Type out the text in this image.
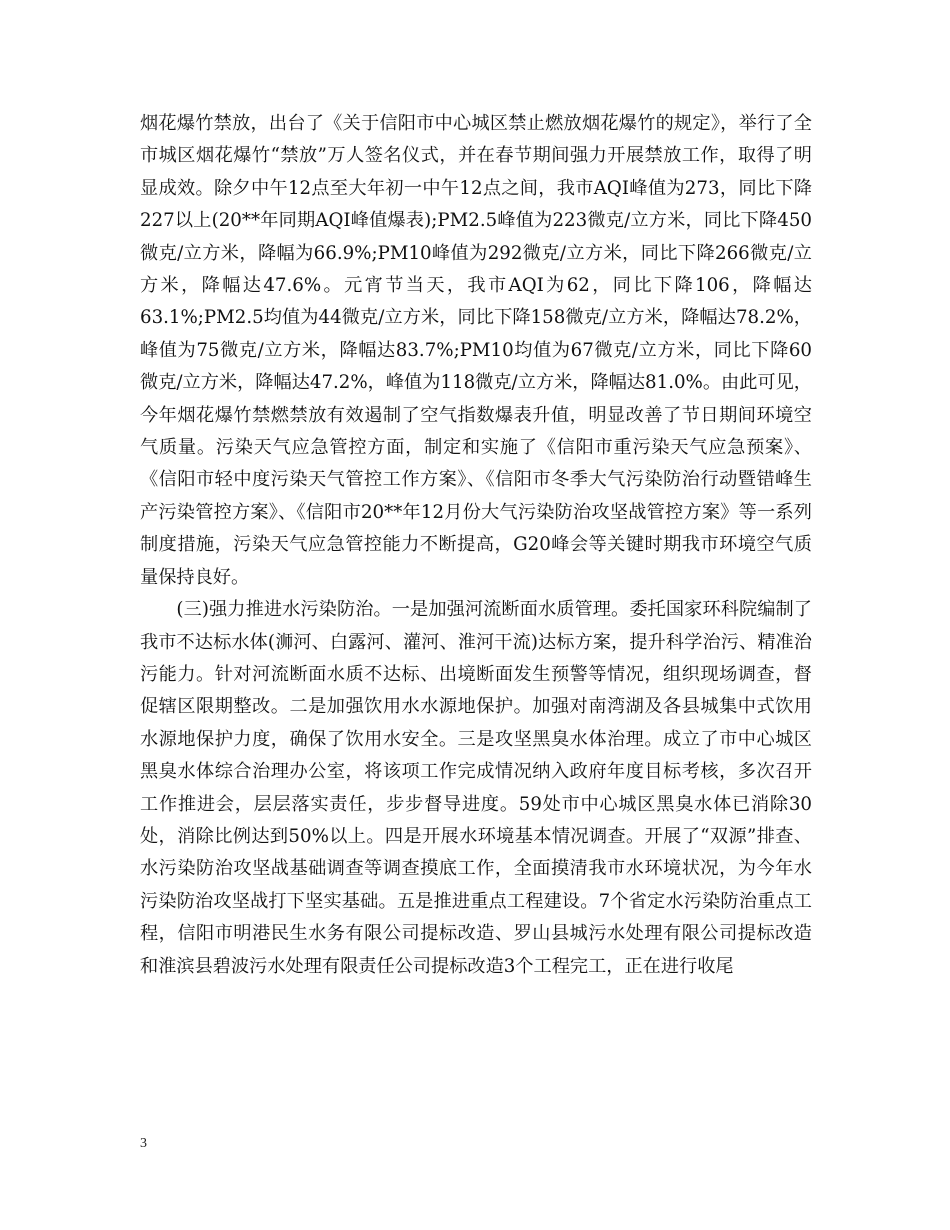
烟花爆竹禁放，出台了《关于信阳市中心城区禁止燃放烟花爆竹的规定》，举行了全市城区烟花爆竹“禁放”万人签名仪式，并在春节期间强力开展禁放工作，取得了明显成效。除夕中午12点至大年初一中午12点之间，我市AQI峰值为273，同比下降227以上(20**年同期AQI峰值爆表);PM2.5峰值为223微克/立方米，同比下降450微克/立方米，降幅为66.9%;PM10峰值为292微克/立方米，同比下降266微克/立方米，降幅达47.6%。元宵节当天，我市AQI为62，同比下降106，降幅达63.1%;PM2.5均值为44微克/立方米，同比下降158微克/立方米，降幅达78.2%，峰值为75微克/立方米，降幅达83.7%;PM10均值为67微克/立方米，同比下降60微克/立方米，降幅达47.2%，峰值为118微克/立方米，降幅达81.0%。由此可见，今年烟花爆竹禁燃禁放有效遏制了空气指数爆表升值，明显改善了节日期间环境空气质量。污染天气应急管控方面，制定和实施了《信阳市重污染天气应急预案》、《信阳市轻中度污染天气管控工作方案》、《信阳市冬季大气污染防治行动暨错峰生产污染管控方案》、《信阳市20**年12月份大气污染防治攻坚战管控方案》等一系列制度措施，污染天气应急管控能力不断提高，G20峰会等关键时期我市环境空气质量保持良好。

(三)强力推进水污染防治。一是加强河流断面水质管理。委托国家环科院编制了我市不达标水体(浉河、白露河、灌河、淮河干流)达标方案，提升科学治污、精准治污能力。针对河流断面水质不达标、出境断面发生预警等情况，组织现场调查，督促辖区限期整改。二是加强饮用水水源地保护。加强对南湾湖及各县城集中式饮用水源地保护力度，确保了饮用水安全。三是攻坚黑臭水体治理。成立了市中心城区黑臭水体综合治理办公室，将该项工作完成情况纳入政府年度目标考核，多次召开工作推进会，层层落实责任，步步督导进度。59处市中心城区黑臭水体已消除30处，消除比例达到50%以上。四是开展水环境基本情况调查。开展了“双源”排查、水污染防治攻坚战基础调查等调查摸底工作，全面摸清我市水环境状况，为今年水污染防治攻坚战打下坚实基础。五是推进重点工程建设。7个省定水污染防治重点工程，信阳市明港民生水务有限公司提标改造、罗山县城污水处理有限公司提标改造和淮滨县碧波污水处理有限责任公司提标改造3个工程完工，正在进行收尾

3
